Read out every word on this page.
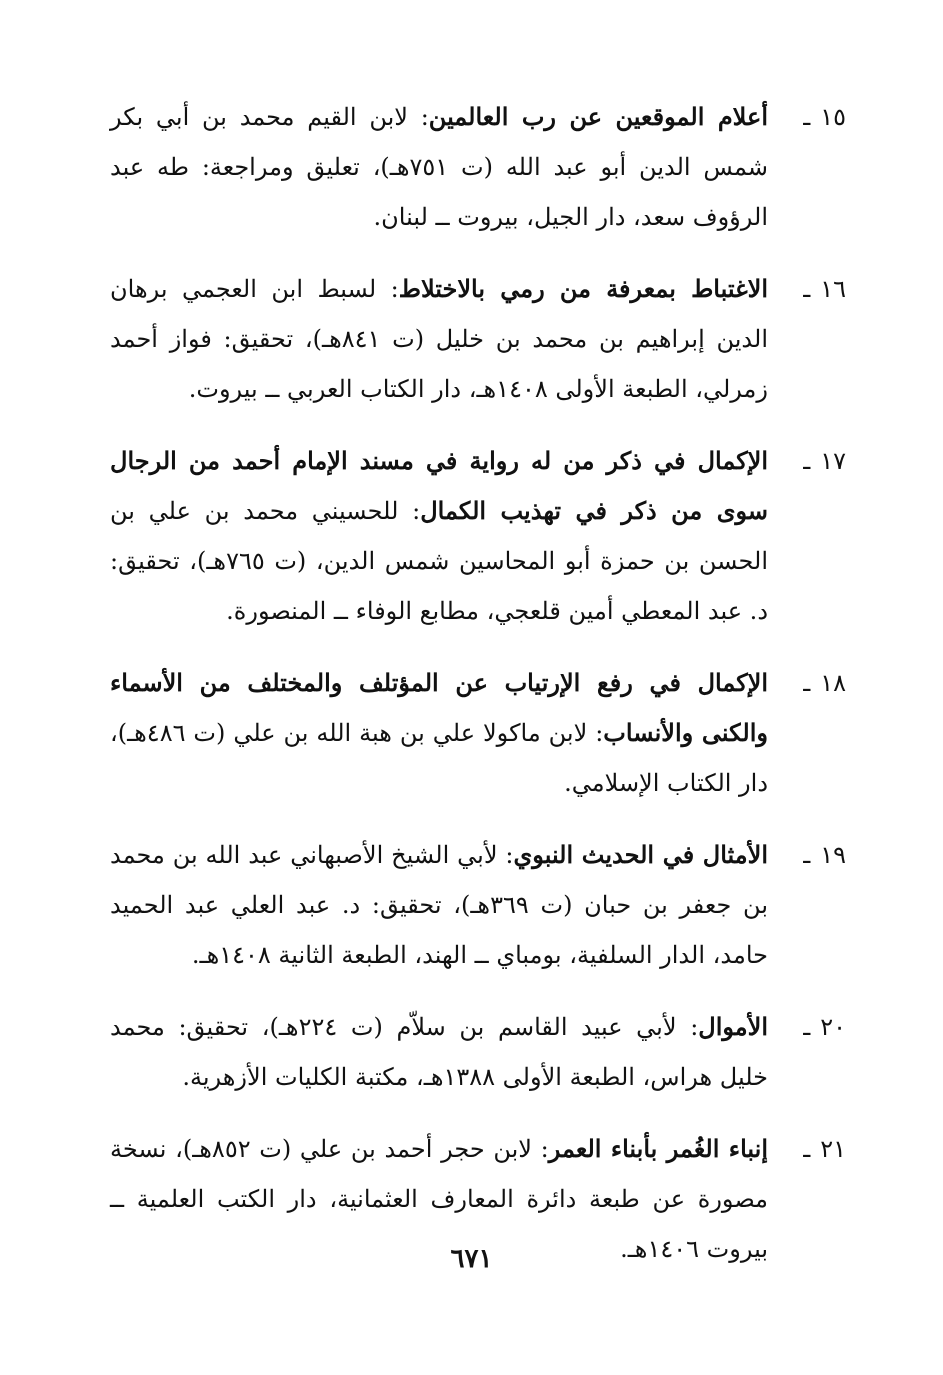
١٥ـ
أعلام الموقعين عن رب العالمين: لابن القيم محمد بن أبي بكر شمس الدين أبو عبد الله (ت ٧٥١هـ)، تعليق ومراجعة: طه عبد الرؤوف سعد، دار الجيل، بيروت ــ لبنان.
١٦ـ
الاغتباط بمعرفة من رمي بالاختلاط: لسبط ابن العجمي برهان الدين إبراهيم بن محمد بن خليل (ت ٨٤١هـ)، تحقيق: فواز أحمد زمرلي، الطبعة الأولى ١٤٠٨هـ، دار الكتاب العربي ــ بيروت.
١٧ـ
الإكمال في ذكر من له رواية في مسند الإمام أحمد من الرجال سوى من ذكر في تهذيب الكمال: للحسيني محمد بن علي بن الحسن بن حمزة أبو المحاسين شمس الدين، (ت ٧٦٥هـ)، تحقيق: د. عبد المعطي أمين قلعجي، مطابع الوفاء ــ المنصورة.
١٨ـ
الإكمال في رفع الإرتياب عن المؤتلف والمختلف من الأسماء والكنى والأنساب: لابن ماكولا علي بن هبة الله بن علي (ت ٤٨٦هـ)، دار الكتاب الإسلامي.
١٩ـ
الأمثال في الحديث النبوي: لأبي الشيخ الأصبهاني عبد الله بن محمد بن جعفر بن حبان (ت ٣٦٩هـ)، تحقيق: د. عبد العلي عبد الحميد حامد، الدار السلفية، بومباي ــ الهند، الطبعة الثانية ١٤٠٨هـ.
٢٠ـ
الأموال: لأبي عبيد القاسم بن سلاّم (ت ٢٢٤هـ)، تحقيق: محمد خليل هراس، الطبعة الأولى ١٣٨٨هـ، مكتبة الكليات الأزهرية.
٢١ـ
إنباء الغُمر بأبناء العمر: لابن حجر أحمد بن علي (ت ٨٥٢هـ)، نسخة مصورة عن طبعة دائرة المعارف العثمانية، دار الكتب العلمية ــ بيروت ١٤٠٦هـ.
٦٧١
